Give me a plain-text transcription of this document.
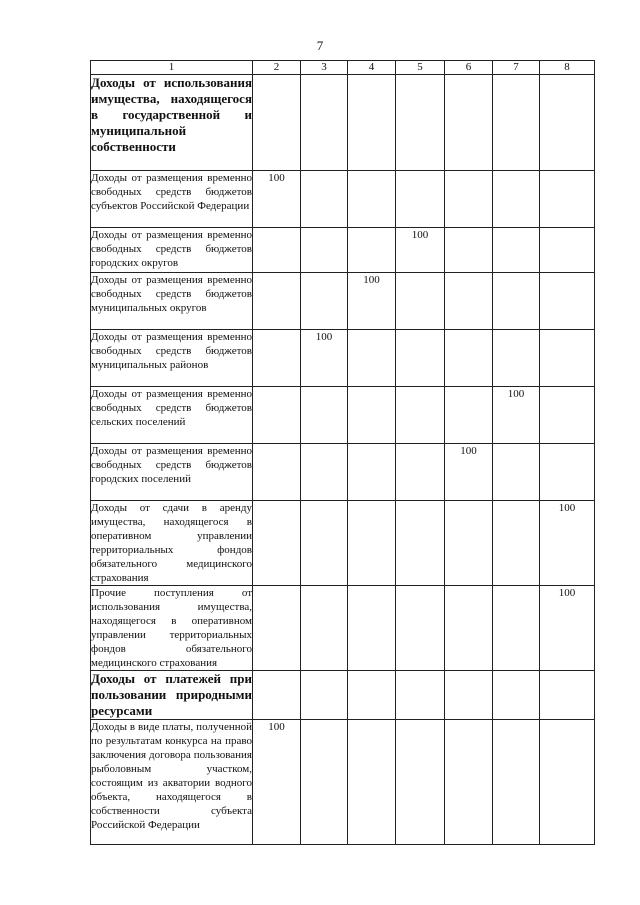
7
1	2	3	4	5	6	7	8

Доходы от использования имущества, находящегося в государственной и муниципальной собственности							

Доходы от размещения временно свободных средств бюджетов субъектов Российской Федерации	100						

Доходы от размещения временно свободных средств бюджетов городских округов				100			

Доходы от размещения временно свободных средств бюджетов муниципальных округов			100				

Доходы от размещения временно свободных средств бюджетов муниципальных районов		100					

Доходы от размещения временно свободных средств бюджетов сельских поселений						100	

Доходы от размещения временно свободных средств бюджетов городских поселений					100		

Доходы от сдачи в аренду имущества, находящегося в оперативном управлении территориальных фондов обязательного медицинского страхования							100

Прочие поступления от использования имущества, находящегося в оперативном управлении территориальных фондов обязательного медицинского страхования							100

Доходы от платежей при пользовании природными ресурсами							

Доходы в виде платы, полученной по результатам конкурса на право заключения договора пользования рыболовным участком, состоящим из акватории водного объекта, находящегося в собственности субъекта Российской Федерации	100						
